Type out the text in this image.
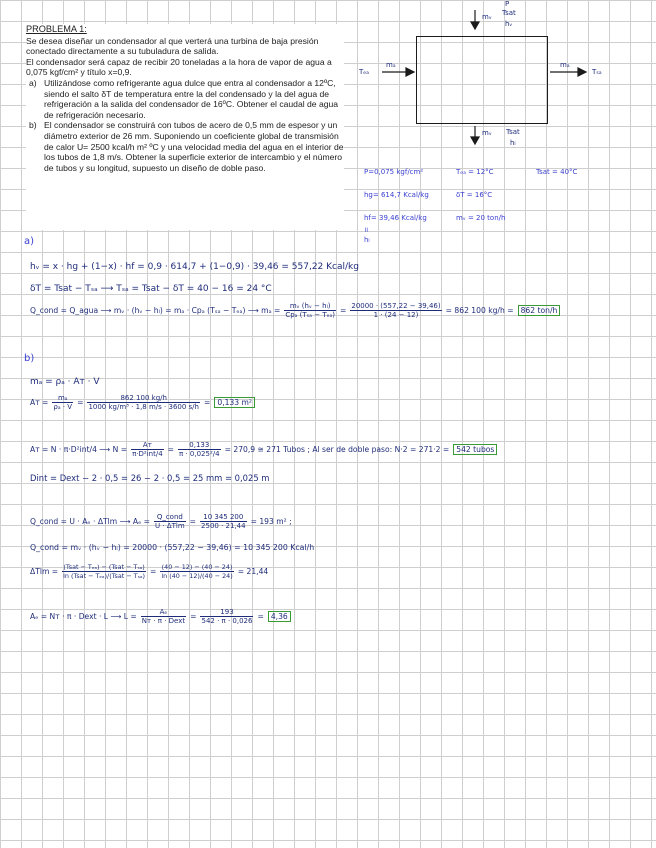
PROBLEMA 1:

Se desea diseñar un condensador al que verterá una turbina de baja presión conectado directamente a su tubuladura de salida.

El condensador será capaz de recibir 20 toneladas a la hora de vapor de agua a 0,075 kgf/cm² y título x=0,9.

a) Utilizándose como refrigerante agua dulce que entra al condensador a 12ºC, siendo el salto δT de temperatura entre la del condensado y la del agua de refrigeración a la salida del condensador de 16ºC. Obtener el caudal de agua de refrigeración necesario.
b) El condensador se construirá con tubos de acero de 0,5 mm de espesor y un diámetro exterior de 26 mm. Suponiendo un coeficiente global de transmisión de calor U= 2500 kcal/h m² ºC y una velocidad media del agua en el interior de los tubos de 1,8 m/s. Obtener la superficie exterior de intercambio y el número de tubos y su longitud, supuesto un diseño de doble paso.
P
mᵥ Tsat
hᵥ
Tₑₐ
mₐ	mₐ
Tₛₐ
mᵥ Tsat
hₗ
P=0,075 kgf/cm²	Tₑₐ = 12°C	Tsat = 40°C
hg= 614,7 Kcal/kg	δT = 16°C
hf= 39,46 Kcal/kg	mᵥ = 20 ton/h
॥
hₗ
a)
hᵥ = x · hg + (1−x) · hf = 0,9 · 614,7 + (1−0,9) · 39,46 = 557,22 Kcal/kg
δT = Tsat − Tₛₐ ⟶ Tₛₐ = Tsat − δT = 40 − 16 = 24 °C
Q_cond = Q_agua ⟶ mᵥ · (hᵥ − hₗ) = mₐ · Cpₐ (Tₛₐ − Tₑₐ) ⟶ $m_a = \frac{\text{mᵥ (hᵥ − hₗ)}}{\text{Cpₐ (Tₛₐ − Tₑₐ)}} = \frac{20000 \cdot (557,22 - 39,46)}{1 \cdot (24 - 12)} = 862$ 100 kg/h = 862 ton/h
b)
mₐ = ρₐ · Aᴛ · V
Aᴛ = $\frac{\text{mₐ}}{\text{ρₐ · V}} = \frac{862 100 kg/h}{\text{1000 kg/m³ · 1,8 m/s · 3600 s/h}} = 0,133$ m²
Aᴛ = N · π·D²int/4 ⟶ $N = \frac{\text{Aᴛ}}{\text{π·D²int/4}} = \frac{0,133}{\text{π · 0,025²/4}} = 270,9$ ≅ 271 Tubos ; Al ser de doble paso: N·2 = 271·2 = 542 tubos
Dint = Dext − 2 · 0,5 = 26 − 2 · 0,5 = 25 mm = 0,025 m
Q_cond = U · Aₑ · ΔTlm ⟶ $A_e = \frac{\text{Q\_cond}}{\text{U · ΔTlm}} = \frac{10 345 200}{2500 \cdot 21,44} = 193$ m² ;
Q_cond = mᵥ · (hᵥ − hₗ) = 20000 · (557,22 − 39,46) = 10 345 200 Kcal/h
$\Delta Tlm = \frac{\text{(Tsat − Tₑₐ) − (Tsat − Tₛₐ)}}{\text{ln (Tsat − Tₑₐ)/(Tsat − Tₛₐ)}} = \frac{(40 - 12) - (40 - 24)}{\ln (40 - 12)/(40 - 24)} = 21,44$
Aₑ = Nᴛ · π · Dext · L ⟶ $L = \frac{\text{Aₑ}}{\text{Nᴛ · π · Dext}} = \frac{193}{542 \cdot \pi \cdot 0,026} = 4,36$
